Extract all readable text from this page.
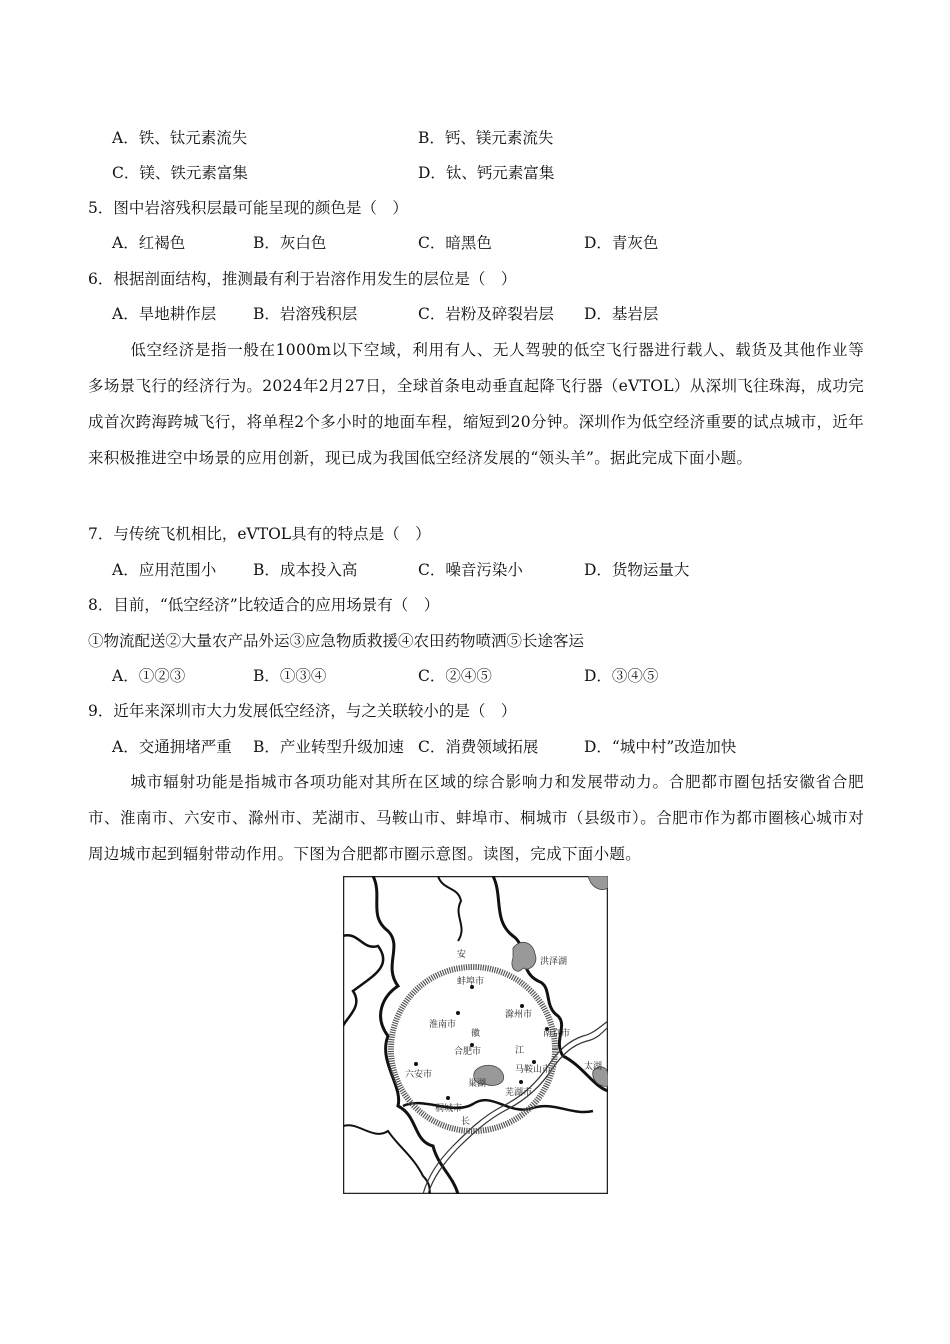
A．铁、钛元素流失	B．钙、镁元素流失
C．镁、铁元素富集	D．钛、钙元素富集
5．图中岩溶残积层最可能呈现的颜色是（　）
A．红褐色	B．灰白色	C．暗黑色	D．青灰色
6．根据剖面结构，推测最有利于岩溶作用发生的层位是（　）
A．旱地耕作层 B．岩溶残积层	C．岩粉及碎裂岩层 D．基岩层
低空经济是指一般在1000m以下空域，利用有人、无人驾驶的低空飞行器进行载人、载货及其他作业等多场景飞行的经济行为。2024年2月27日，全球首条电动垂直起降飞行器（eVTOL）从深圳飞往珠海，成功完成首次跨海跨城飞行，将单程2个多小时的地面车程，缩短到20分钟。深圳作为低空经济重要的试点城市，近年来积极推进空中场景的应用创新，现已成为我国低空经济发展的“领头羊”。据此完成下面小题。
7．与传统飞机相比，eVTOL具有的特点是（　）
A．应用范围小 B．成本投入高	C．噪音污染小	D．货物运量大
8．目前，“低空经济”比较适合的应用场景有（　）
①物流配送②大量农产品外运③应急物质救援④农田药物喷洒⑤长途客运
A．①②③	B．①③④	C．②④⑤	D．③④⑤
9．近年来深圳市大力发展低空经济，与之关联较小的是（　）
A．交通拥堵严重 B．产业转型升级加速 C．消费领域拓展	D．“城中村”改造加快
城市辐射功能是指城市各项功能对其所在区域的综合影响力和发展带动力。合肥都市圈包括安徽省合肥市、淮南市、六安市、滁州市、芜湖市、马鞍山市、蚌埠市、桐城市（县级市）。合肥市作为都市圈核心城市对周边城市起到辐射带动作用。下图为合肥都市圈示意图。读图，完成下面小题。
安
徽
江
洪泽湖
太湖
巢湖
蚌埠市
淮南市
滁州市
南京市
合肥市
六安市	马鞍山市
芜湖市
桐城市
长
